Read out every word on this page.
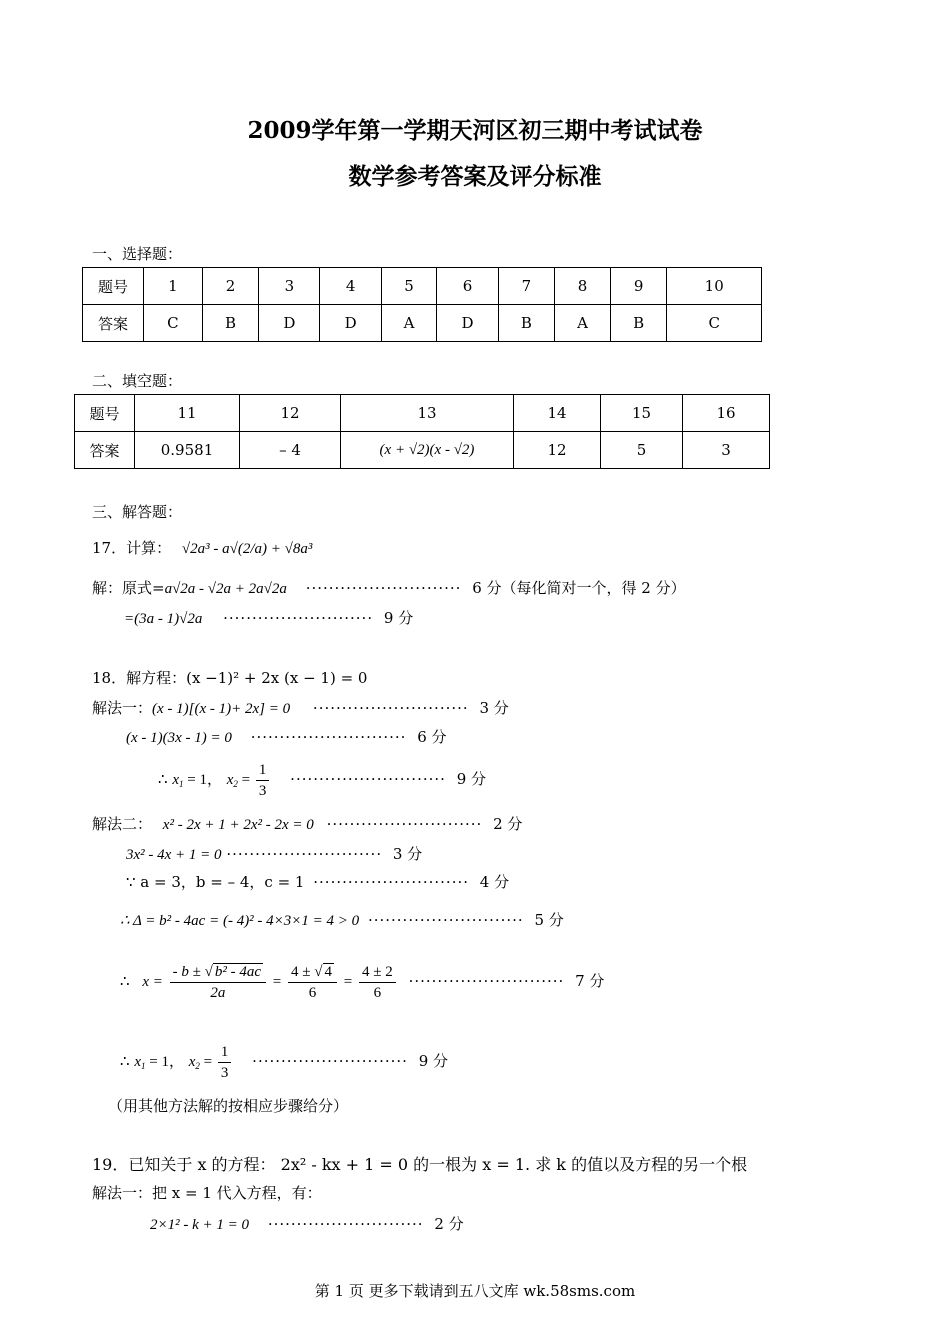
2009学年第一学期天河区初三期中考试试卷
数学参考答案及评分标准
一、选择题：
题号	1	2	3	4	5	6	7	8	9	10
答案	C	B	D	D	A	D	B	A	B	C
二、填空题：
题号	11	12	13	14	15	16
答案	0.9581	– 4	(x + √2)(x - √2)	12	5	3
三、解答题：
17．计算： √2a³ - a√(2/a) + √8a³
解：原式=a√2a - √2a + 2a√2a ··························· 6 分（每化简对一个，得 2 分）
=(3a - 1)√2a ·························· 9 分
18．解方程：(x −1)² + 2x (x − 1) = 0
解法一：(x - 1)[(x - 1)+ 2x] = 0 ··························· 3 分
(x - 1)(3x - 1) = 0 ··························· 6 分
∴ $x_1 = 1$， $x_2 = \frac{1}{3}$ ··························· 9 分
解法二： x² - 2x + 1 + 2x² - 2x = 0 ··························· 2 分
3x² - 4x + 1 = 0 ··························· 3 分
∵ a = 3，b = – 4，c = 1 ··························· 4 分
∴ Δ = b² - 4ac = (- 4)² - 4×3×1 = 4 > 0 ··························· 5 分
∴ $x = \frac{\text{- b ± √ b² - 4ac}}{2a} = \frac{4 \pm √ 4}{6} = \frac{4 \pm 2}{6}$ ··························· 7 分
∴ $x_1 = 1$， $x_2 = \frac{1}{3}$ ··························· 9 分
（用其他方法解的按相应步骤给分）
19．已知关于 x 的方程： 2x² - kx + 1 = 0 的一根为 x = 1. 求 k 的值以及方程的另一个根
解法一：把 x = 1 代入方程，有：
2×1² - k + 1 = 0 ··························· 2 分
第 1 页 更多下载请到五八文库 wk.58sms.com
